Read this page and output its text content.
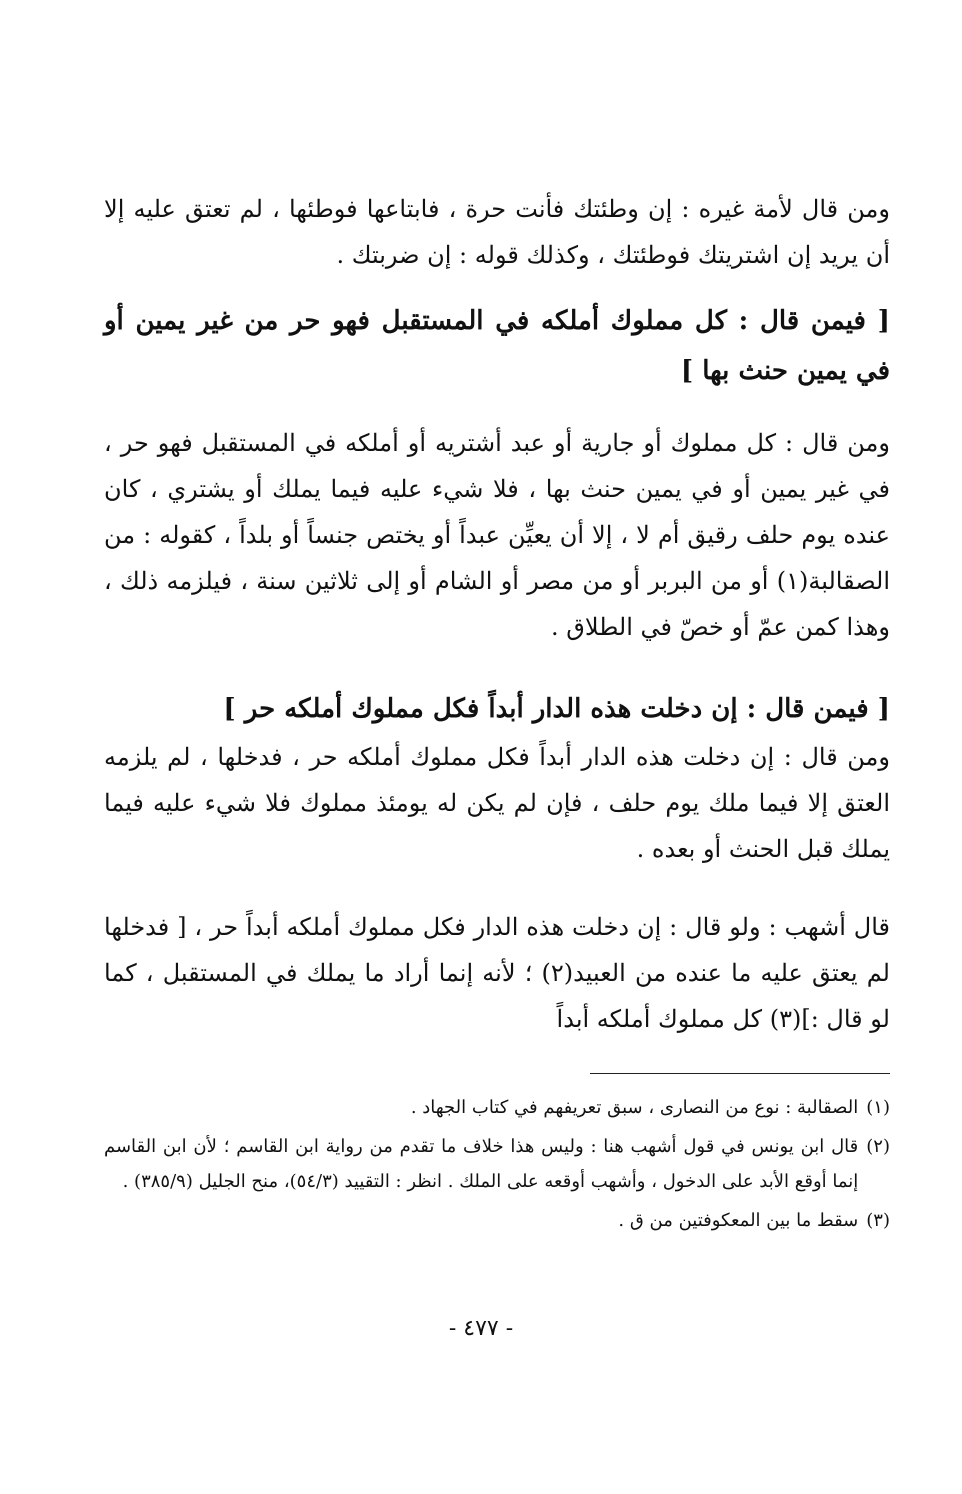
ومن قال لأمة غيره : إن وطئتك فأنت حرة ، فابتاعها فوطئها ، لم تعتق عليه إلا أن يريد إن اشتريتك فوطئتك ، وكذلك قوله : إن ضربتك .

[ فيمن قال : كل مملوك أملكه في المستقبل فهو حر من غير يمين أو في يمين حنث بها ]

ومن قال : كل مملوك أو جارية أو عبد أشتريه أو أملكه في المستقبل فهو حر ، في غير يمين أو في يمين حنث بها ، فلا شيء عليه فيما يملك أو يشتري ، كان عنده يوم حلف رقيق أم لا ، إلا أن يعيِّن عبداً أو يختص جنساً أو بلداً ، كقوله : من الصقالبة(١) أو من البربر أو من مصر أو الشام أو إلى ثلاثين سنة ، فيلزمه ذلك ، وهذا كمن عمّ أو خصّ في الطلاق .

[ فيمن قال : إن دخلت هذه الدار أبداً فكل مملوك أملكه حر ]

ومن قال : إن دخلت هذه الدار أبداً فكل مملوك أملكه حر ، فدخلها ، لم يلزمه العتق إلا فيما ملك يوم حلف ، فإن لم يكن له يومئذ مملوك فلا شيء عليه فيما يملك قبل الحنث أو بعده .

قال أشهب : ولو قال : إن دخلت هذه الدار فكل مملوك أملكه أبداً حر ، [ فدخلها لم يعتق عليه ما عنده من العبيد(٢) ؛ لأنه إنما أراد ما يملك في المستقبل ، كما لو قال :](٣) كل مملوك أملكه أبداً

(١)
الصقالبة : نوع من النصارى ، سبق تعريفهم في كتاب الجهاد .
(٢)
قال ابن يونس في قول أشهب هنا : وليس هذا خلاف ما تقدم من رواية ابن القاسم ؛ لأن ابن القاسم إنما أوقع الأبد على الدخول ، وأشهب أوقعه على الملك . انظر : التقييد (٥٤/٣)، منح الجليل (٣٨٥/٩) .
(٣)
سقط ما بين المعكوفتين من ق .
- ٤٧٧ -
